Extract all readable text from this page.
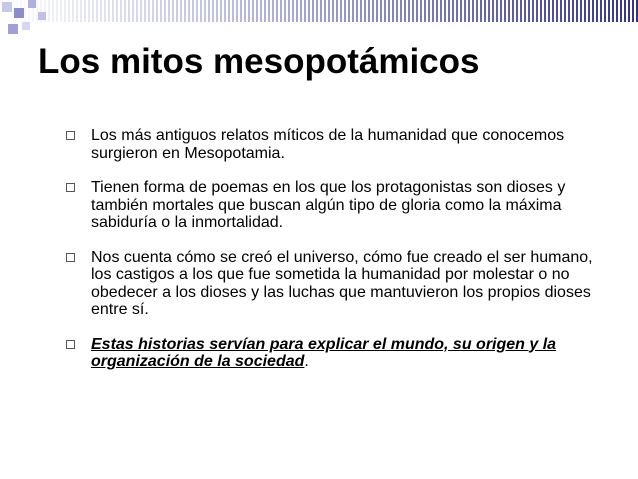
Los mitos mesopotámicos
Los más antiguos relatos míticos de la humanidad que conocemos surgieron en Mesopotamia.
Tienen forma de poemas en los que los protagonistas son dioses y también mortales que buscan algún tipo de gloria como la máxima sabiduría o la inmortalidad.
Nos cuenta cómo se creó el universo, cómo fue creado el ser humano, los castigos a los que fue sometida la humanidad por molestar o no obedecer a los dioses y las luchas que mantuvieron los propios dioses entre sí.
Estas historias servían para explicar el mundo, su origen y la organización de la sociedad.
